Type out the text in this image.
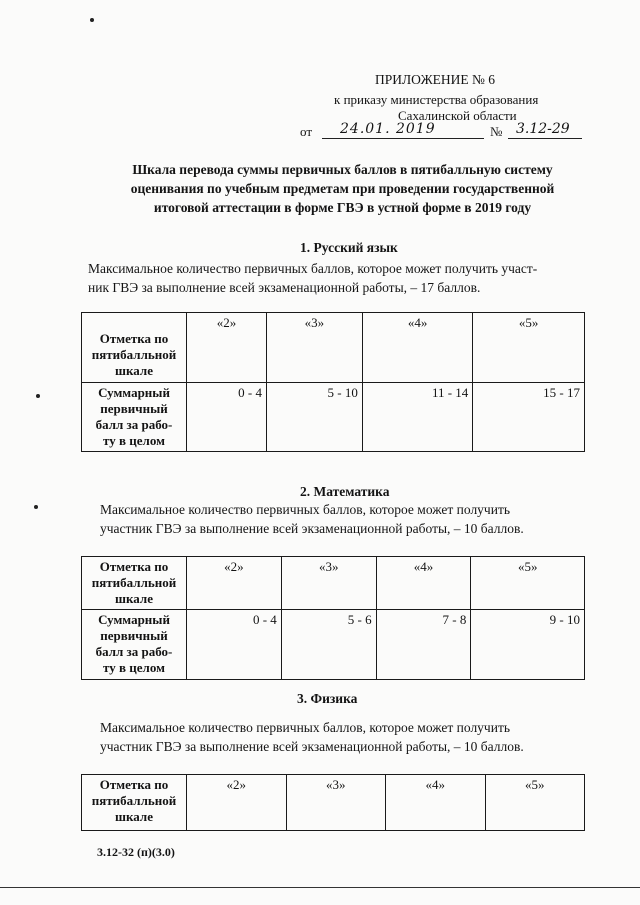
ПРИЛОЖЕНИЕ № 6
к приказу министерства образования
Сахалинской области
от 24.01. 2019	№ 3.12-29
Шкала перевода суммы первичных баллов в пятибалльную систему
оценивания по учебным предметам при проведении государственной
итоговой аттестации в форме ГВЭ в устной форме в 2019 году
1. Русский язык
Максимальное количество первичных баллов, которое может получить участ-
ник ГВЭ за выполнение всей экзаменационной работы, – 17 баллов.
Отметка по
пятибалльной
шкале	«2»	«3»	«4»	«5»

Суммарный
первичный
балл за рабо-
ту в целом	0 - 4	5 - 10	11 - 14	15 - 17
2. Математика
Максимальное количество первичных баллов, которое может получить
участник ГВЭ за выполнение всей экзаменационной работы, – 10 баллов.
Отметка по
пятибалльной
шкале	«2»	«3»	«4»	«5»

Суммарный
первичный
балл за рабо-
ту в целом	0 - 4	5 - 6	7 - 8	9 - 10
3. Физика
Максимальное количество первичных баллов, которое может получить
участник ГВЭ за выполнение всей экзаменационной работы, – 10 баллов.
Отметка по
пятибалльной
шкале
	«2»	«3»	«4»	«5»
3.12-32 (п)(3.0)
